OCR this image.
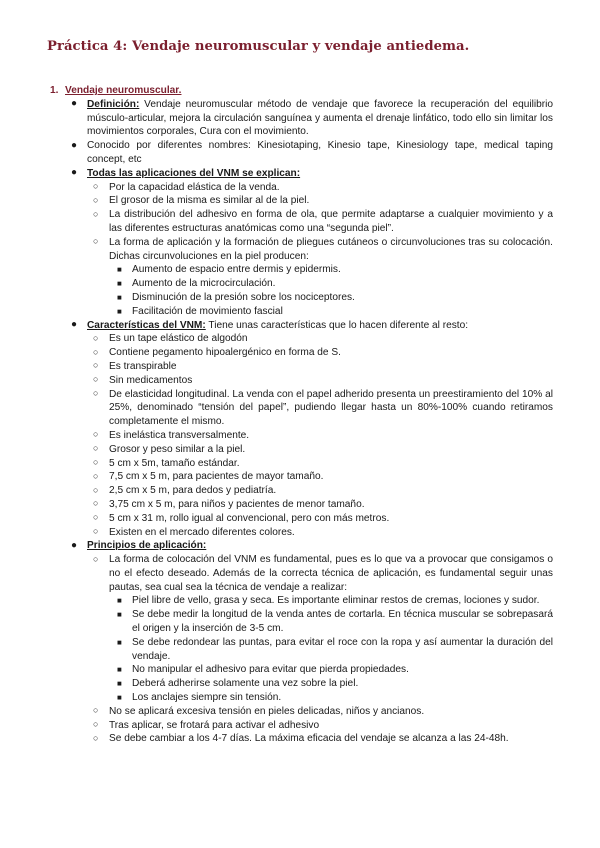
Práctica 4: Vendaje neuromuscular y vendaje antiedema.
1. Vendaje neuromuscular.
● Definición: Vendaje neuromuscular método de vendaje que favorece la recuperación del equilibrio músculo-articular, mejora la circulación sanguínea y aumenta el drenaje linfático, todo ello sin limitar los movimientos corporales, Cura con el movimiento.
● Conocido por diferentes nombres: Kinesiotaping, Kinesio tape, Kinesiology tape, medical taping concept, etc
● Todas las aplicaciones del VNM se explican:
○ Por la capacidad elástica de la venda.
○ El grosor de la misma es similar al de la piel.
○ La distribución del adhesivo en forma de ola, que permite adaptarse a cualquier movimiento y a las diferentes estructuras anatómicas como una “segunda piel”.
○ La forma de aplicación y la formación de pliegues cutáneos o circunvoluciones tras su colocación. Dichas circunvoluciones en la piel producen:
■ Aumento de espacio entre dermis y epidermis.
■ Aumento de la microcirculación.
■ Disminución de la presión sobre los nociceptores.
■ Facilitación de movimiento fascial
● Características del VNM: Tiene unas características que lo hacen diferente al resto:
○ Es un tape elástico de algodón
○ Contiene pegamento hipoalergénico en forma de S.
○ Es transpirable
○ Sin medicamentos
○ De elasticidad longitudinal. La venda con el papel adherido presenta un preestiramiento del 10% al 25%, denominado “tensión del papel”, pudiendo llegar hasta un 80%-100% cuando retiramos completamente el mismo.
○ Es inelástica transversalmente.
○ Grosor y peso similar a la piel.
○ 5 cm x 5m, tamaño estándar.
○ 7,5 cm x 5 m, para pacientes de mayor tamaño.
○ 2,5 cm x 5 m, para dedos y pediatría.
○ 3,75 cm x 5 m, para niños y pacientes de menor tamaño.
○ 5 cm x 31 m, rollo igual al convencional, pero con más metros.
○ Existen en el mercado diferentes colores.
● Principios de aplicación:
○ La forma de colocación del VNM es fundamental, pues es lo que va a provocar que consigamos o no el efecto deseado. Además de la correcta técnica de aplicación, es fundamental seguir unas pautas, sea cual sea la técnica de vendaje a realizar:
■ Piel libre de vello, grasa y seca. Es importante eliminar restos de cremas, lociones y sudor.
■ Se debe medir la longitud de la venda antes de cortarla. En técnica muscular se sobrepasará el origen y la inserción de 3-5 cm.
■ Se debe redondear las puntas, para evitar el roce con la ropa y así aumentar la duración del vendaje.
■ No manipular el adhesivo para evitar que pierda propiedades.
■ Deberá adherirse solamente una vez sobre la piel.
■ Los anclajes siempre sin tensión.
○ No se aplicará excesiva tensión en pieles delicadas, niños y ancianos.
○ Tras aplicar, se frotará para activar el adhesivo
○ Se debe cambiar a los 4-7 días. La máxima eficacia del vendaje se alcanza a las 24-48h.
